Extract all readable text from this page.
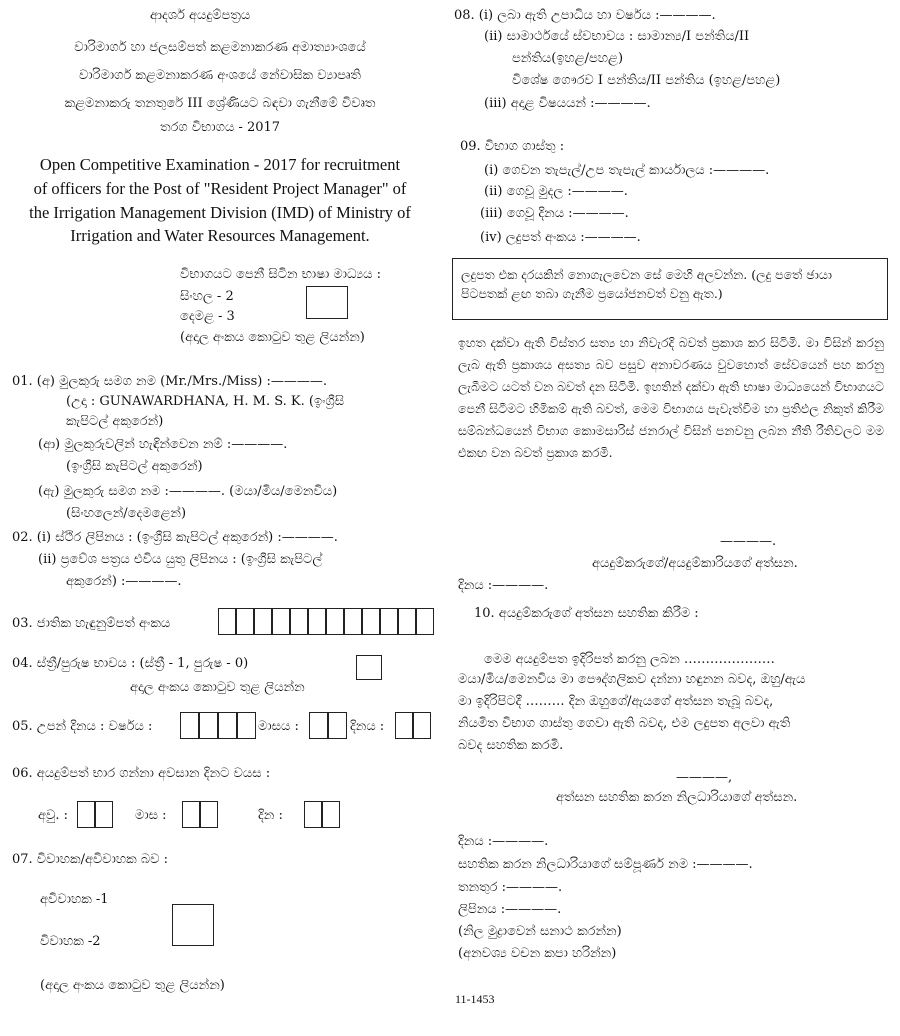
ආදර්ශ අයදුම්පත්‍රය
වාරිමාර්ග හා ජලසම්පත් කළමනාකරණ අමාත්‍යාංශයේ
වාරිමාර්ග කළමනාකරණ අංශයේ නේවාසික ව්‍යාපෘති
කළමනාකරු තනතුරේ III ශ්‍රේණියට බඳවා ගැනීමේ විවෘත
තරග විභාගය - 2017
Open Competitive Examination - 2017 for recruitment
of officers for the Post of "Resident Project Manager" of
the Irrigation Management Division (IMD) of Ministry of
Irrigation and Water Resources Management.
විභාගයට පෙනී සිටින භාෂා මාධ්‍යය :
සිංහල - 2
දෙමළ - 3
(අදාල අංකය කොටුව තුළ ලියන්න)
01. (අ) මුලකුරු සමග නම (Mr./Mrs./Miss) :————.
(උදා : GUNAWARDHANA, H. M. S. K. (ඉංග්‍රීසි
කැපිටල් අකුරෙන්)
(ආ) මුලකුරුවලින් හැඳින්වෙන නම් :————.
(ඉංග්‍රීසි කැපිටල් අකුරෙන්)
(ඇ) මුලකුරු සමග නම :————. (මයා/මිය/මෙනවිය)
(සිංහලෙන්/දෙමළෙන්)
02. (i) ස්ථිර ලිපිනය : (ඉංග්‍රීසි කැපිටල් අකුරෙන්) :————.
(ii) ප්‍රවේශ පත්‍රය එවිය යුතු ලිපිනය : (ඉංග්‍රීසි කැපිටල්
අකුරෙන්) :————.
03. ජාතික හැඳුනුම්පත් අංකය
04. ස්ත්‍රී/පුරුෂ භාවය : (ස්ත්‍රී - 1, පුරුෂ - 0)
අදාල අංකය කොටුව තුළ ලියන්න
05. උපන් දිනය : වර්ෂය :	මාසය :	දිනය :
06. අයදුම්පත් භාර ගන්නා අවසාන දිනට වයස :
අවු. :	මාස :	දින :
07. විවාහක/අවිවාහක බව :
අවිවාහක -1
විවාහක -2
(අදාල අංකය කොටුව තුළ ලියන්න)
08. (i) ලබා ඇති උපාධිය හා වර්ෂය :————.
(ii) සාමාර්ථයේ ස්වභාවය : සාමාන්‍ය/I පන්තිය/II
පන්තිය(ඉහළ/පහළ)
විශේෂ ගෞරව I පන්තිය/II පන්තිය (ඉහළ/පහළ)
(iii) අදාළ විෂයයන් :————.
09. විභාග ගාස්තු :
(i) ගෙවන තැපැල්/උප තැපැල් කාර්යාලය :————.
(ii) ගෙවූ මුදල :————.
(iii) ගෙවූ දිනය :————.
(iv) ලදුපත් අංකය :————.
ලදුපත එක දරයකින් නොගැලවෙන සේ මෙහි අලවන්න. (ලදු පතේ ඡායා පිටපතක් ළඟ තබා ගැනීම ප්‍රයෝජනවත් වනු ඇත.)
ඉහත දක්වා ඇති විස්තර සත්‍ය හා නිවැරදි බවත් ප්‍රකාශ කර සිටිමි. මා විසින් කරනු ලැබ ඇති ප්‍රකාශය අසත්‍ය බව පසුව අනාවරණය වුවහොත් සේවයෙන් පහ කරනු ලැබීමට යටත් වන බවත් දන සිටිමි. ඉහතින් දක්වා ඇති භාෂා මාධ්‍යයෙන් විභාගයට පෙනී සිටීමට හිමිකම් ඇති බවත්, මෙම විභාගය පැවැත්වීම හා ප්‍රතිඵල නිකුත් කිරීම සම්බන්ධයෙන් විභාග කොමසාරිස් ජනරාල් විසින් පනවනු ලබන නීති රීතිවලට මම එකඟ වන බවත් ප්‍රකාශ කරමි.
————.
අයදුම්කරුගේ/අයදුම්කාරියගේ අත්සන.
දිනය :————.
10. අයදුම්කරුගේ අත්සන සහතික කිරීම :
මෙම අයදුම්පත ඉදිරිපත් කරනු ලබන …………………
මයා/මිය/මෙනවිය මා පෞද්ගලිකව දන්නා හඳුනන බවද, ඔහු/ඇය
මා ඉදිරිපිටදී ……… දින ඔහුගේ/ඇයගේ අත්සන තැබූ බවද,
නියමිත විභාග ගාස්තු ගෙවා ඇති බවද, එම ලදුපත අලවා ඇති
බවද සහතික කරමි.
————,
අත්සන සහතික කරන නිලධාරියාගේ අත්සන.
දිනය :————.
සහතික කරන නිලධාරියාගේ සම්පූර්ණ නම :————.
තනතුර :————.
ලිපිනය :————.
(නිල මුද්‍රාවෙන් සනාථ කරන්න)
(අනවශ්‍ය වචන කපා හරින්න)
11-1453
